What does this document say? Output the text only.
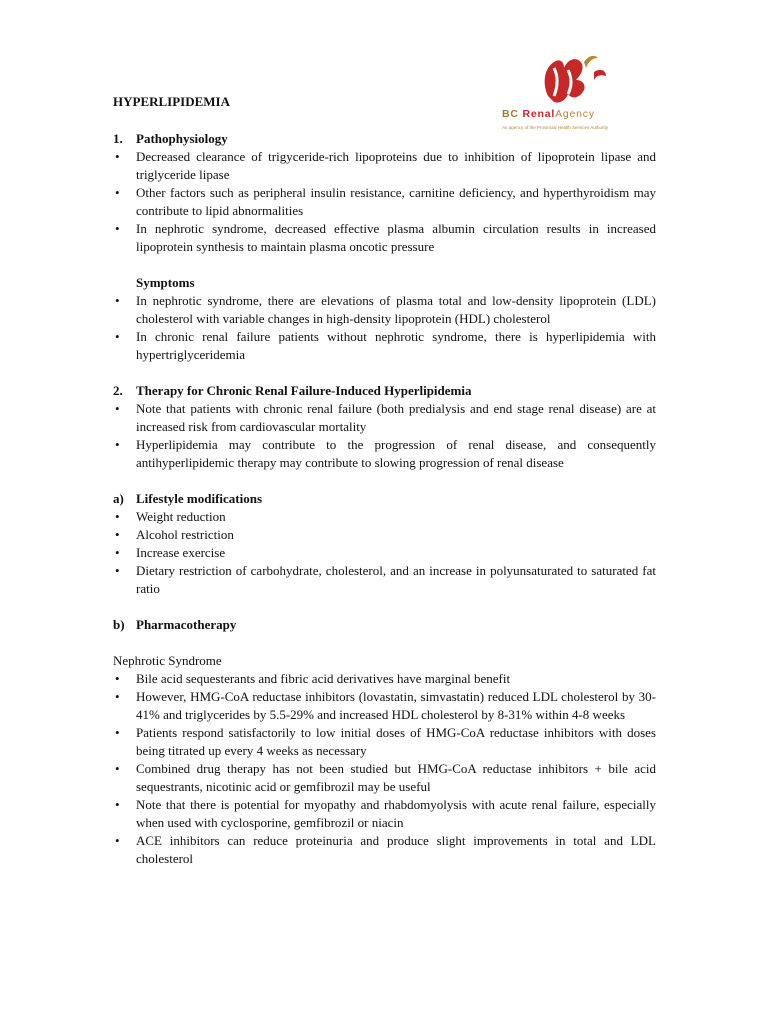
BC RenalAgency
An agency of the Provincial Health Services Authority

HYPERLIPIDEMIA

1. Pathophysiology

• Decreased clearance of trigyceride-rich lipoproteins due to inhibition of lipoprotein lipase and triglyceride lipase
• Other factors such as peripheral insulin resistance, carnitine deficiency, and hyperthyroidism may contribute to lipid abnormalities
• In nephrotic syndrome, decreased effective plasma albumin circulation results in increased lipoprotein synthesis to maintain plasma oncotic pressure

Symptoms

• In nephrotic syndrome, there are elevations of plasma total and low-density lipoprotein (LDL) cholesterol with variable changes in high-density lipoprotein (HDL) cholesterol
• In chronic renal failure patients without nephrotic syndrome, there is hyperlipidemia with hypertriglyceridemia

2. Therapy for Chronic Renal Failure-Induced Hyperlipidemia

• Note that patients with chronic renal failure (both predialysis and end stage renal disease) are at increased risk from cardiovascular mortality
• Hyperlipidemia may contribute to the progression of renal disease, and consequently antihyperlipidemic therapy may contribute to slowing progression of renal disease

a) Lifestyle modifications

• Weight reduction
• Alcohol restriction
• Increase exercise
• Dietary restriction of carbohydrate, cholesterol, and an increase in polyunsaturated to saturated fat ratio

b) Pharmacotherapy

Nephrotic Syndrome

• Bile acid sequesterants and fibric acid derivatives have marginal benefit
• However, HMG-CoA reductase inhibitors (lovastatin, simvastatin) reduced LDL cholesterol by 30-41% and triglycerides by 5.5-29% and increased HDL cholesterol by 8-31% within 4-8 weeks
• Patients respond satisfactorily to low initial doses of HMG-CoA reductase inhibitors with doses being titrated up every 4 weeks as necessary
• Combined drug therapy has not been studied but HMG-CoA reductase inhibitors + bile acid sequestrants, nicotinic acid or gemfibrozil may be useful
• Note that there is potential for myopathy and rhabdomyolysis with acute renal failure, especially when used with cyclosporine, gemfibrozil or niacin
• ACE inhibitors can reduce proteinuria and produce slight improvements in total and LDL cholesterol
